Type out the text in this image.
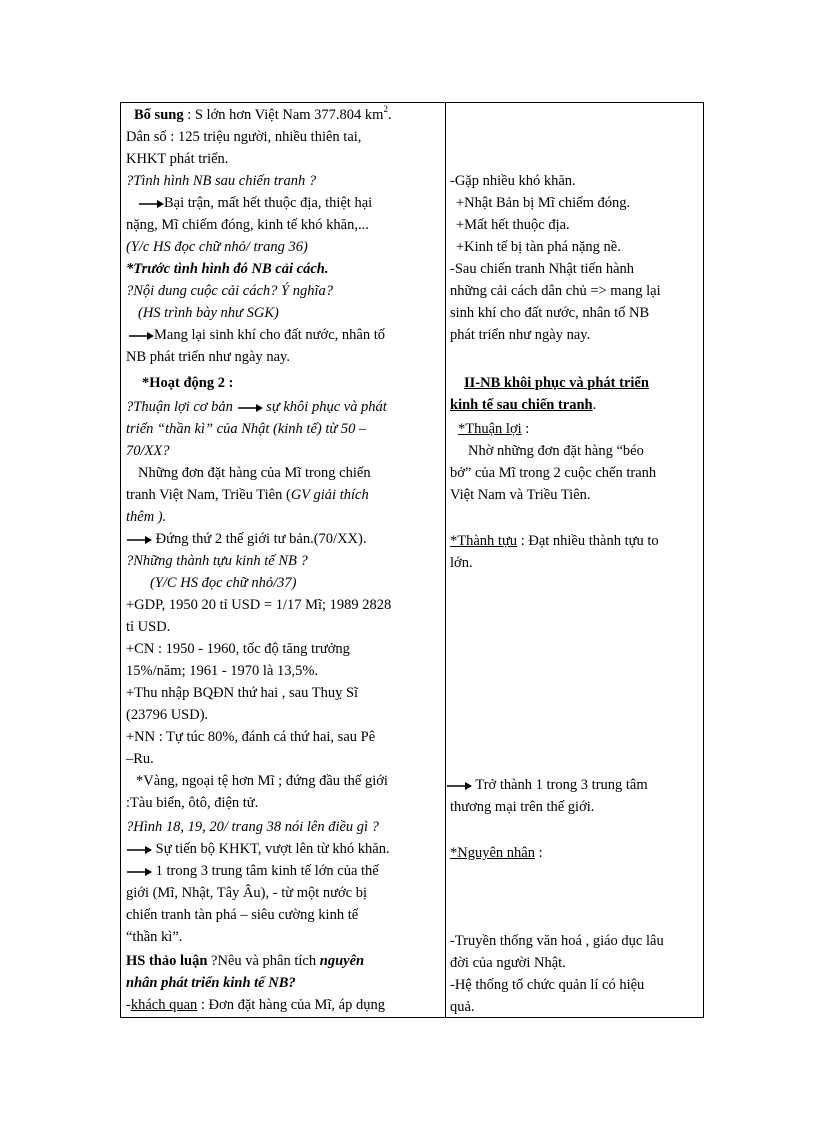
Bổ sung : S lớn hơn Việt Nam 377.804 $km^2$.
Dân số : 125 triệu người, nhiều thiên tai,
KHKT phát triển.
?Tình hình NB sau chiến tranh ?
Bại trận, mất hết thuộc địa, thiệt hại
nặng, Mĩ chiếm đóng, kinh tế khó khăn,...
(Y/c HS đọc chữ nhỏ/ trang 36)
*Trước tình hình đó NB cải cách.
?Nội dung cuộc cải cách? Ý nghĩa?
(HS trình bày như SGK)
Mang lại sinh khí cho đất nước, nhân tố
NB phát triển như ngày nay.
*Hoạt động 2 :
?Thuận lợi cơ bản sự khôi phục và phát
triển “thần kì” của Nhật (kinh tế) từ 50 –
70/XX?
Những đơn đặt hàng của Mĩ trong chiến
tranh Việt Nam, Triều Tiên (GV giải thích
thêm ).
Đứng thứ 2 thế giới tư bản.(70/XX).
?Những thành tựu kinh tế NB ?
(Y/C HS đọc chữ nhỏ/37)
+GDP, 1950 20 tỉ USD = 1/17 Mĩ; 1989 2828
tỉ USD.
+CN : 1950 - 1960, tốc độ tăng trưởng
15%/năm; 1961 - 1970 là 13,5%.
+Thu nhập BQĐN thứ hai , sau Thuỵ Sĩ
(23796 USD).
+NN : Tự túc 80%, đánh cá thứ hai, sau Pê
–Ru.
*Vàng, ngoại tệ hơn Mĩ ; đứng đầu thế giới
:Tàu biển, ôtô, điện tử.
?Hình 18, 19, 20/ trang 38 nói lên điều gì ?
Sự tiến bộ KHKT, vượt lên từ khó khăn.
1 trong 3 trung tâm kinh tế lớn của thế
giới (Mĩ, Nhật, Tây Âu), - từ một nước bị
chiến tranh tàn phá – siêu cường kinh tế
“thần kì”.
HS thảo luận ?Nêu và phân tích nguyên
nhân phát triển kinh tế NB?
-khách quan : Đơn đặt hàng của Mĩ, áp dụng
-Gặp nhiều khó khăn.
+Nhật Bản bị Mĩ chiếm đóng.
+Mất hết thuộc địa.
+Kinh tế bị tàn phá nặng nề.
-Sau chiến tranh Nhật tiến hành
những cải cách dân chủ => mang lại
sinh khí cho đất nước, nhân tố NB
phát triển như ngày nay.
II-NB khôi phục và phát triển
kinh tế sau chiến tranh.
*Thuận lợi :
Nhờ những đơn đặt hàng “béo
bở” của Mĩ trong 2 cuộc chến tranh
Việt Nam và Triều Tiên.
*Thành tựu : Đạt nhiều thành tựu to
lớn.
Trở thành 1 trong 3 trung tâm
thương mại trên thế giới.
*Nguyên nhân :
-Truyền thống văn hoá , giáo dục lâu
đời của người Nhật.
-Hệ thống tổ chức quản lí có hiệu
quả.
